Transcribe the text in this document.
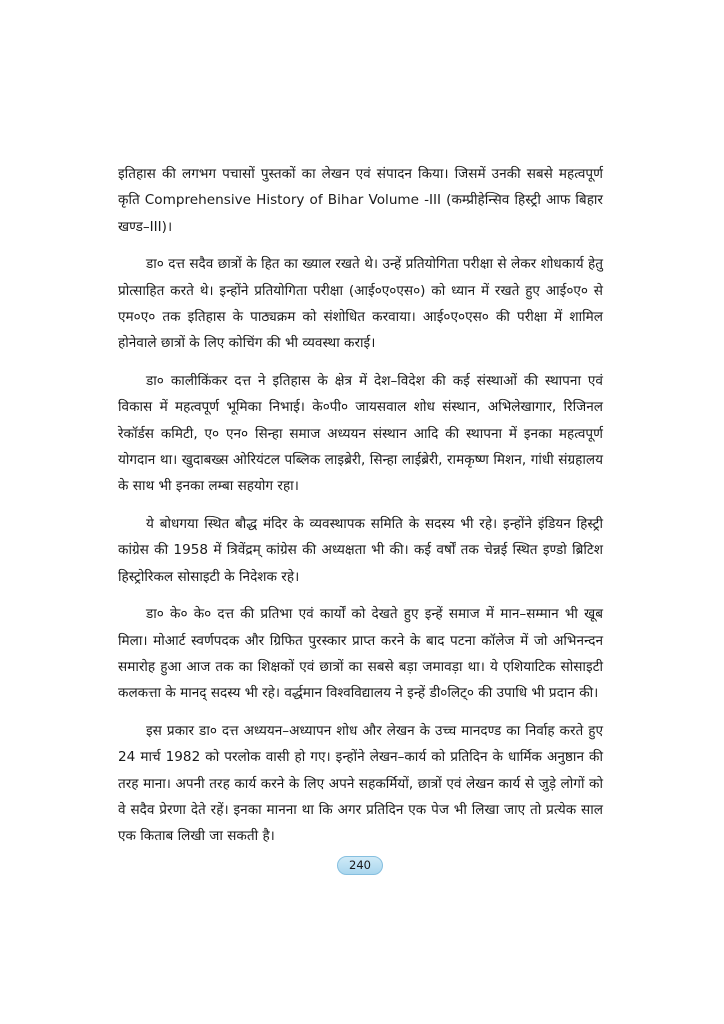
इतिहास की लगभग पचासों पुस्तकों का लेखन एवं संपादन किया। जिसमें उनकी सबसे महत्वपूर्ण कृति Comprehensive History of Bihar Volume -III (कम्प्रीहेन्सिव हिस्ट्री आफ बिहार खण्ड–III)।

डा० दत्त सदैव छात्रों के हित का ख्याल रखते थे। उन्हें प्रतियोगिता परीक्षा से लेकर शोधकार्य हेतु प्रोत्साहित करते थे। इन्होंने प्रतियोगिता परीक्षा (आई०ए०एस०) को ध्यान में रखते हुए आई०ए० से एम०ए० तक इतिहास के पाठ्यक्रम को संशोधित करवाया। आई०ए०एस० की परीक्षा में शामिल होनेवाले छात्रों के लिए कोचिंग की भी व्यवस्था कराई।

डा० कालीकिंकर दत्त ने इतिहास के क्षेत्र में देश–विदेश की कई संस्थाओं की स्थापना एवं विकास में महत्वपूर्ण भूमिका निभाई। के०पी० जायसवाल शोध संस्थान, अभिलेखागार, रिजिनल रेकॉर्डस कमिटी, ए० एन० सिन्हा समाज अध्ययन संस्थान आदि की स्थापना में इनका महत्वपूर्ण योगदान था। खुदाबख्स ओरियंटल पब्लिक लाइब्रेरी, सिन्हा लाईब्रेरी, रामकृष्ण मिशन, गांधी संग्रहालय के साथ भी इनका लम्बा सहयोग रहा।

ये बोधगया स्थित बौद्ध मंदिर के व्यवस्थापक समिति के सदस्य भी रहे। इन्होंने इंडियन हिस्ट्री कांग्रेस की 1958 में त्रिवेंद्रम् कांग्रेस की अध्यक्षता भी की। कई वर्षों तक चेन्नई स्थित इण्डो ब्रिटिश हिस्ट्रोरिकल सोसाइटी के निदेशक रहे।

डा० के० के० दत्त की प्रतिभा एवं कार्यों को देखते हुए इन्हें समाज में मान–सम्मान भी खूब मिला। मोआर्ट स्वर्णपदक और ग्रिफित पुरस्कार प्राप्त करने के बाद पटना कॉलेज में जो अभिनन्दन समारोह हुआ आज तक का शिक्षकों एवं छात्रों का सबसे बड़ा जमावड़ा था। ये एशियाटिक सोसाइटी कलकत्ता के मानद् सदस्य भी रहे। वर्द्धमान विश्वविद्यालय ने इन्हें डी०लिट्० की उपाधि भी प्रदान की।

इस प्रकार डा० दत्त अध्ययन–अध्यापन शोध और लेखन के उच्च मानदण्ड का निर्वाह करते हुए 24 मार्च 1982 को परलोक वासी हो गए। इन्होंने लेखन–कार्य को प्रतिदिन के धार्मिक अनुष्ठान की तरह माना। अपनी तरह कार्य करने के लिए अपने सहकर्मियों, छात्रों एवं लेखन कार्य से जुड़े लोगों को वे सदैव प्रेरणा देते रहें। इनका मानना था कि अगर प्रतिदिन एक पेज भी लिखा जाए तो प्रत्येक साल एक किताब लिखी जा सकती है।

240
